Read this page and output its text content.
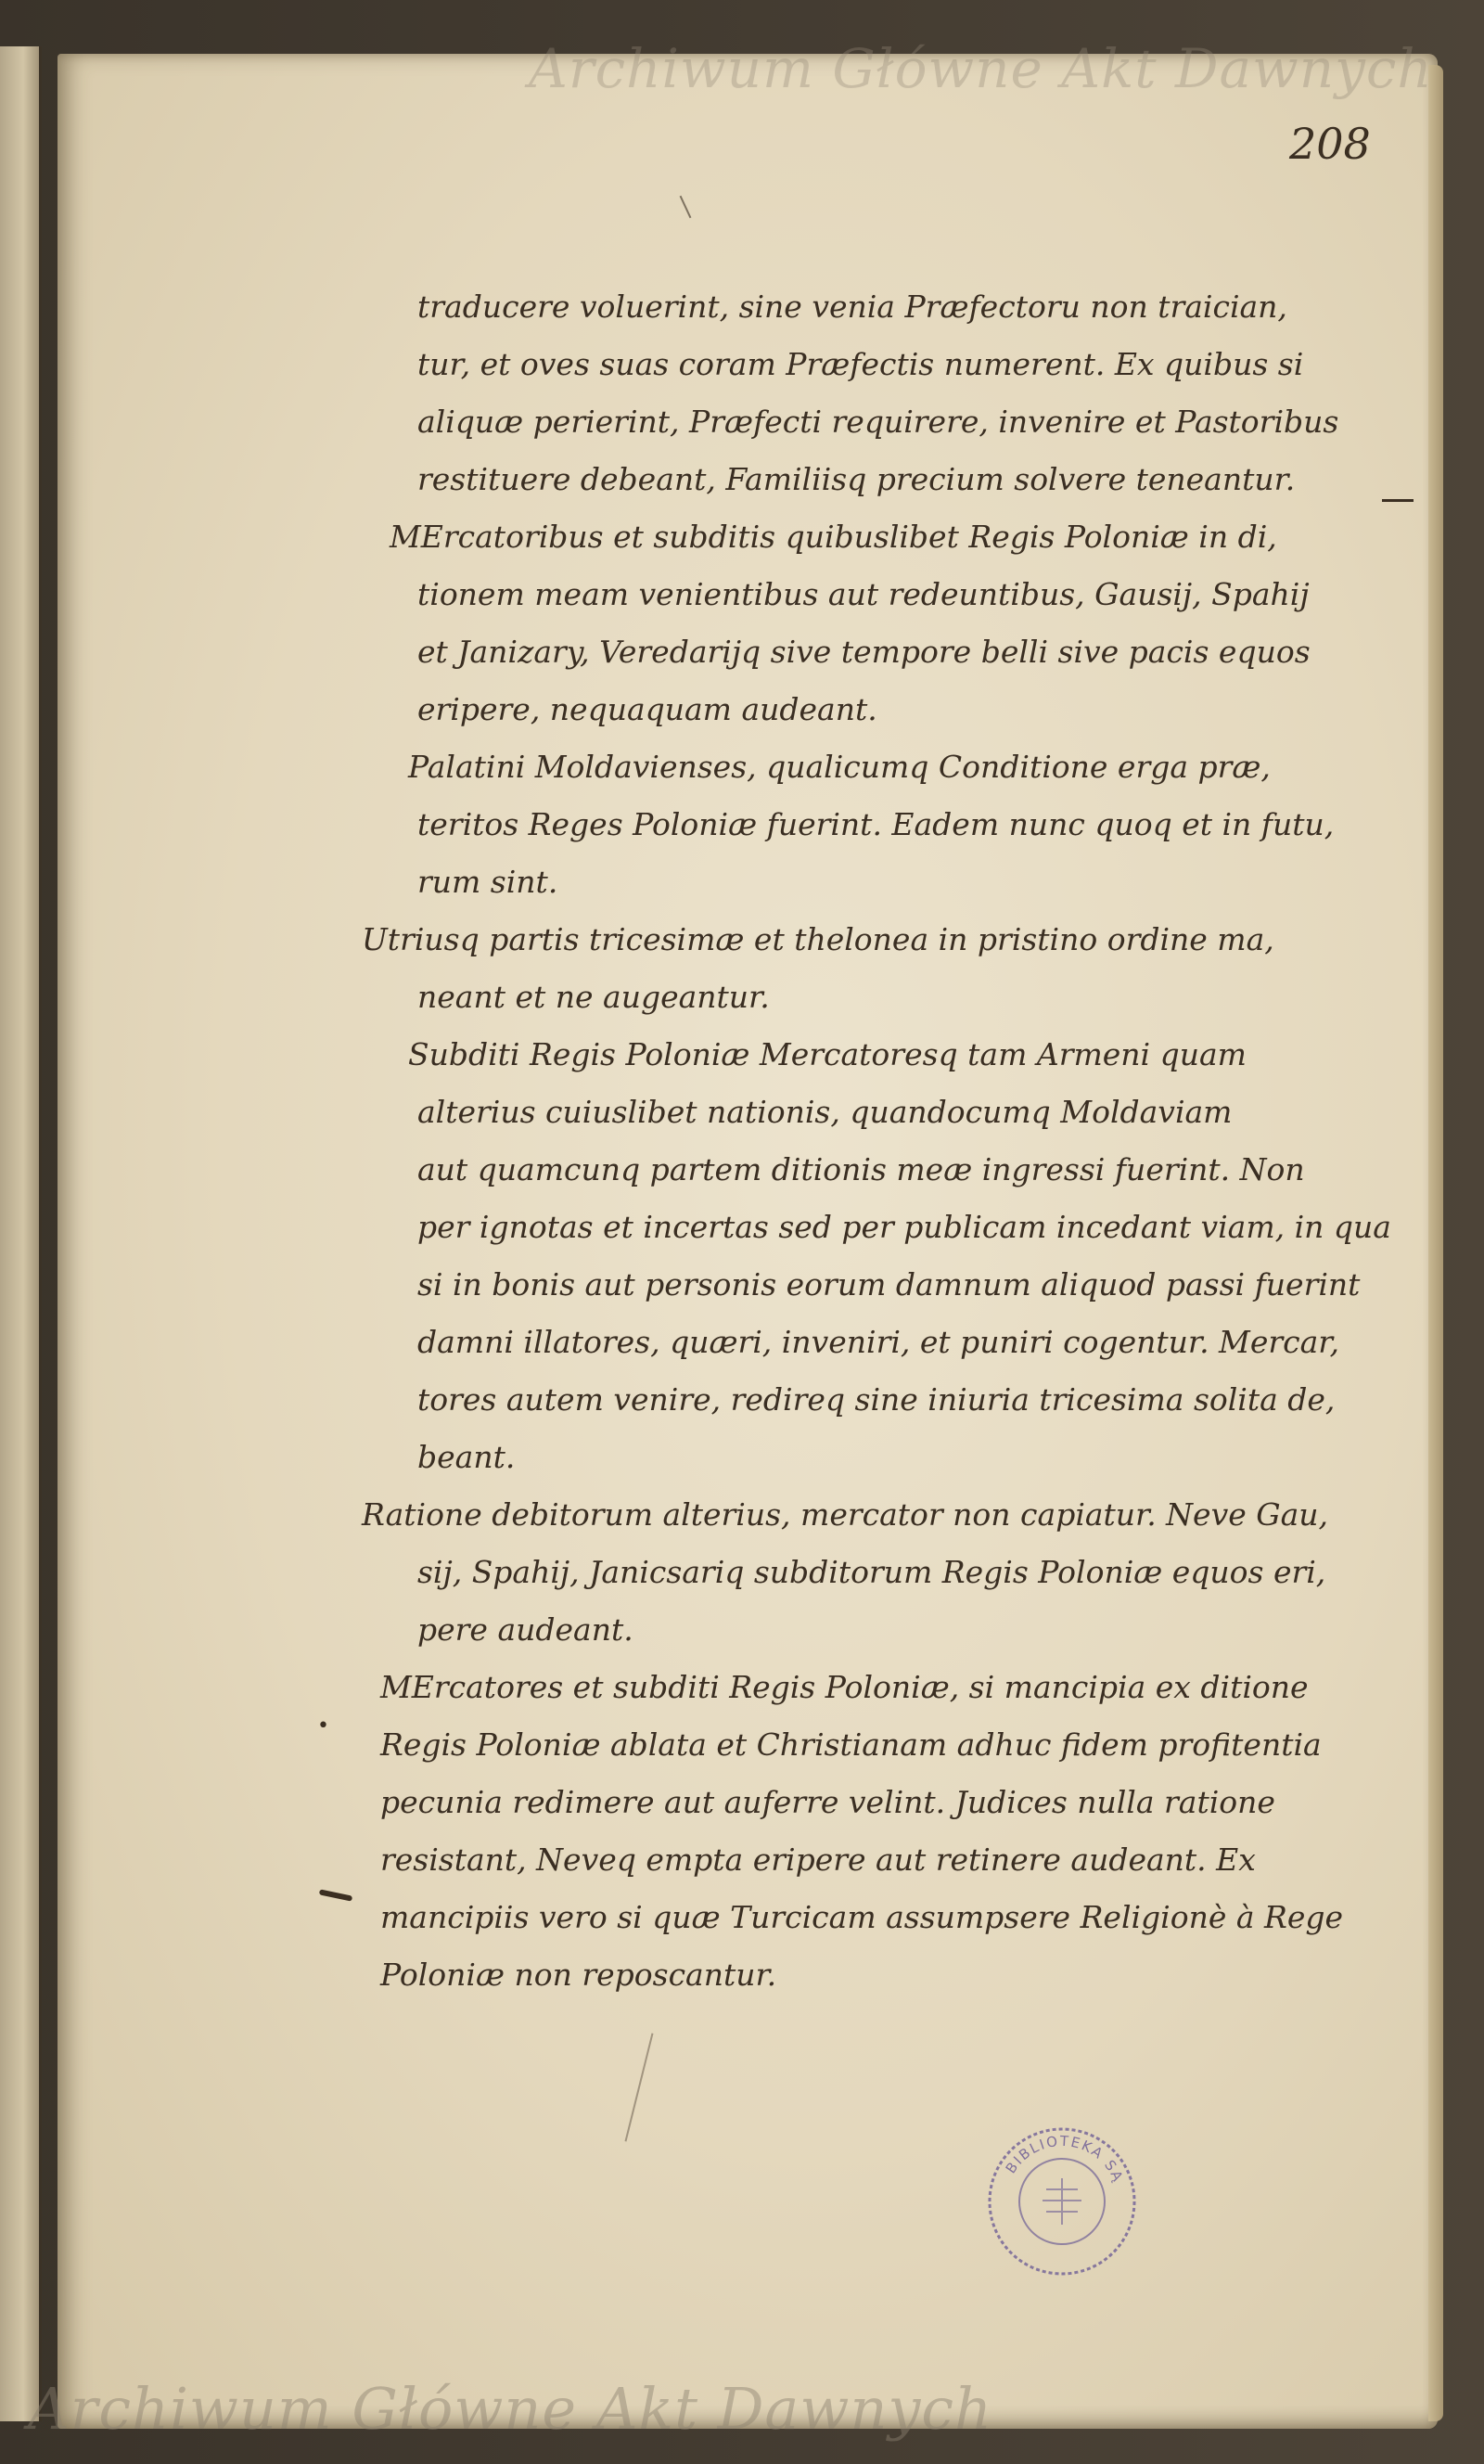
Archiwum Główne Akt Dawnych
208
traducere voluerint, sine venia Præfectoru non traician,
tur, et oves suas coram Præfectis numerent. Ex quibus si
aliquæ perierint, Præfecti requirere, invenire et Pastoribus
restituere debeant, Familiisq precium solvere teneantur.
MErcatoribus et subditis quibuslibet Regis Poloniæ in di,
tionem meam venientibus aut redeuntibus, Gausij, Spahij
et Janizary, Veredarijq sive tempore belli sive pacis equos
eripere, nequaquam audeant.
Palatini Moldavienses, qualicumq Conditione erga præ,
teritos Reges Poloniæ fuerint. Eadem nunc quoq et in futu,
rum sint.
Utriusq partis tricesimæ et thelonea in pristino ordine ma,
neant et ne augeantur.
Subditi Regis Poloniæ Mercatoresq tam Armeni quam
alterius cuiuslibet nationis, quandocumq Moldaviam
aut quamcunq partem ditionis meæ ingressi fuerint. Non
per ignotas et incertas sed per publicam incedant viam, in qua
si in bonis aut personis eorum damnum aliquod passi fuerint
damni illatores, quæri, inveniri, et puniri cogentur. Mercar,
tores autem venire, redireq sine iniuria tricesima solita de,
beant.
Ratione debitorum alterius, mercator non capiatur. Neve Gau,
sij, Spahij, Janicsariq subditorum Regis Poloniæ equos eri,
pere audeant.
MErcatores et subditi Regis Poloniæ, si mancipia ex ditione
Regis Poloniæ ablata et Christianam adhuc fidem profitentia
pecunia redimere aut auferre velint. Judices nulla ratione
resistant, Neveq empta eripere aut retinere audeant. Ex
mancipiis vero si quæ Turcicam assumpsere Religionè à Rege
Poloniæ non reposcantur.
•
BIBLIOTEKA SĄ
Archiwum Główne Akt Dawnych
